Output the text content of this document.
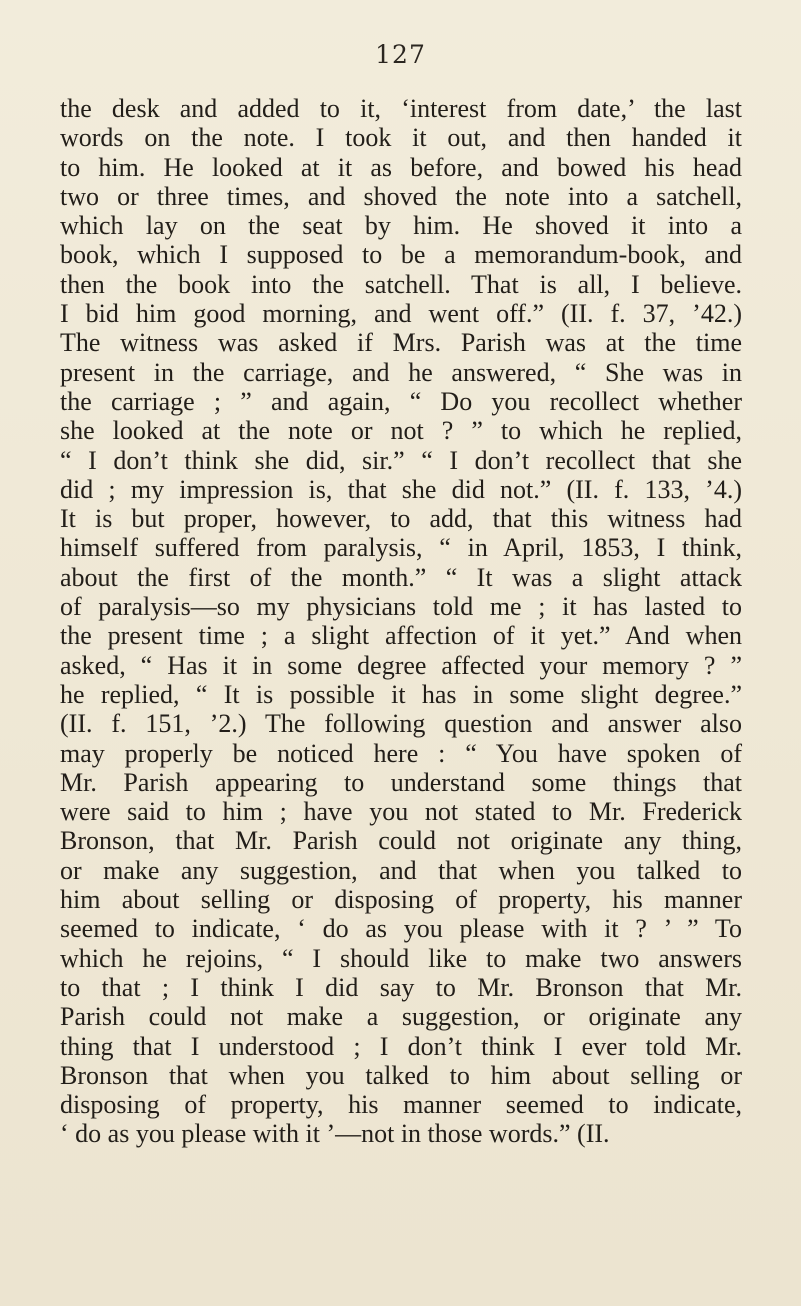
127
the desk and added to it, ‘interest from date,’ the last
words on the note. I took it out, and then handed it
to him. He looked at it as before, and bowed his head
two or three times, and shoved the note into a satchell,
which lay on the seat by him. He shoved it into a
book, which I supposed to be a memorandum-book, and
then the book into the satchell. That is all, I believe.
I bid him good morning, and went off.” (II. f. 37, ’42.)
The witness was asked if Mrs. Parish was at the time
present in the carriage, and he answered, “ She was in
the carriage ; ” and again, “ Do you recollect whether
she looked at the note or not ? ” to which he replied,
“ I don’t think she did, sir.” “ I don’t recollect that she
did ; my impression is, that she did not.” (II. f. 133, ’4.)
It is but proper, however, to add, that this witness had
himself suffered from paralysis, “ in April, 1853, I think,
about the first of the month.” “ It was a slight attack
of paralysis—so my physicians told me ; it has lasted to
the present time ; a slight affection of it yet.” And when
asked, “ Has it in some degree affected your memory ? ”
he replied, “ It is possible it has in some slight degree.”
(II. f. 151, ’2.) The following question and answer also
may properly be noticed here : “ You have spoken of
Mr. Parish appearing to understand some things that
were said to him ; have you not stated to Mr. Frederick
Bronson, that Mr. Parish could not originate any thing,
or make any suggestion, and that when you talked to
him about selling or disposing of property, his manner
seemed to indicate, ‘ do as you please with it ? ’ ” To
which he rejoins, “ I should like to make two answers
to that ; I think I did say to Mr. Bronson that Mr.
Parish could not make a suggestion, or originate any
thing that I understood ; I don’t think I ever told Mr.
Bronson that when you talked to him about selling or
disposing of property, his manner seemed to indicate,
‘ do as you please with it ’—not in those words.” (II.
